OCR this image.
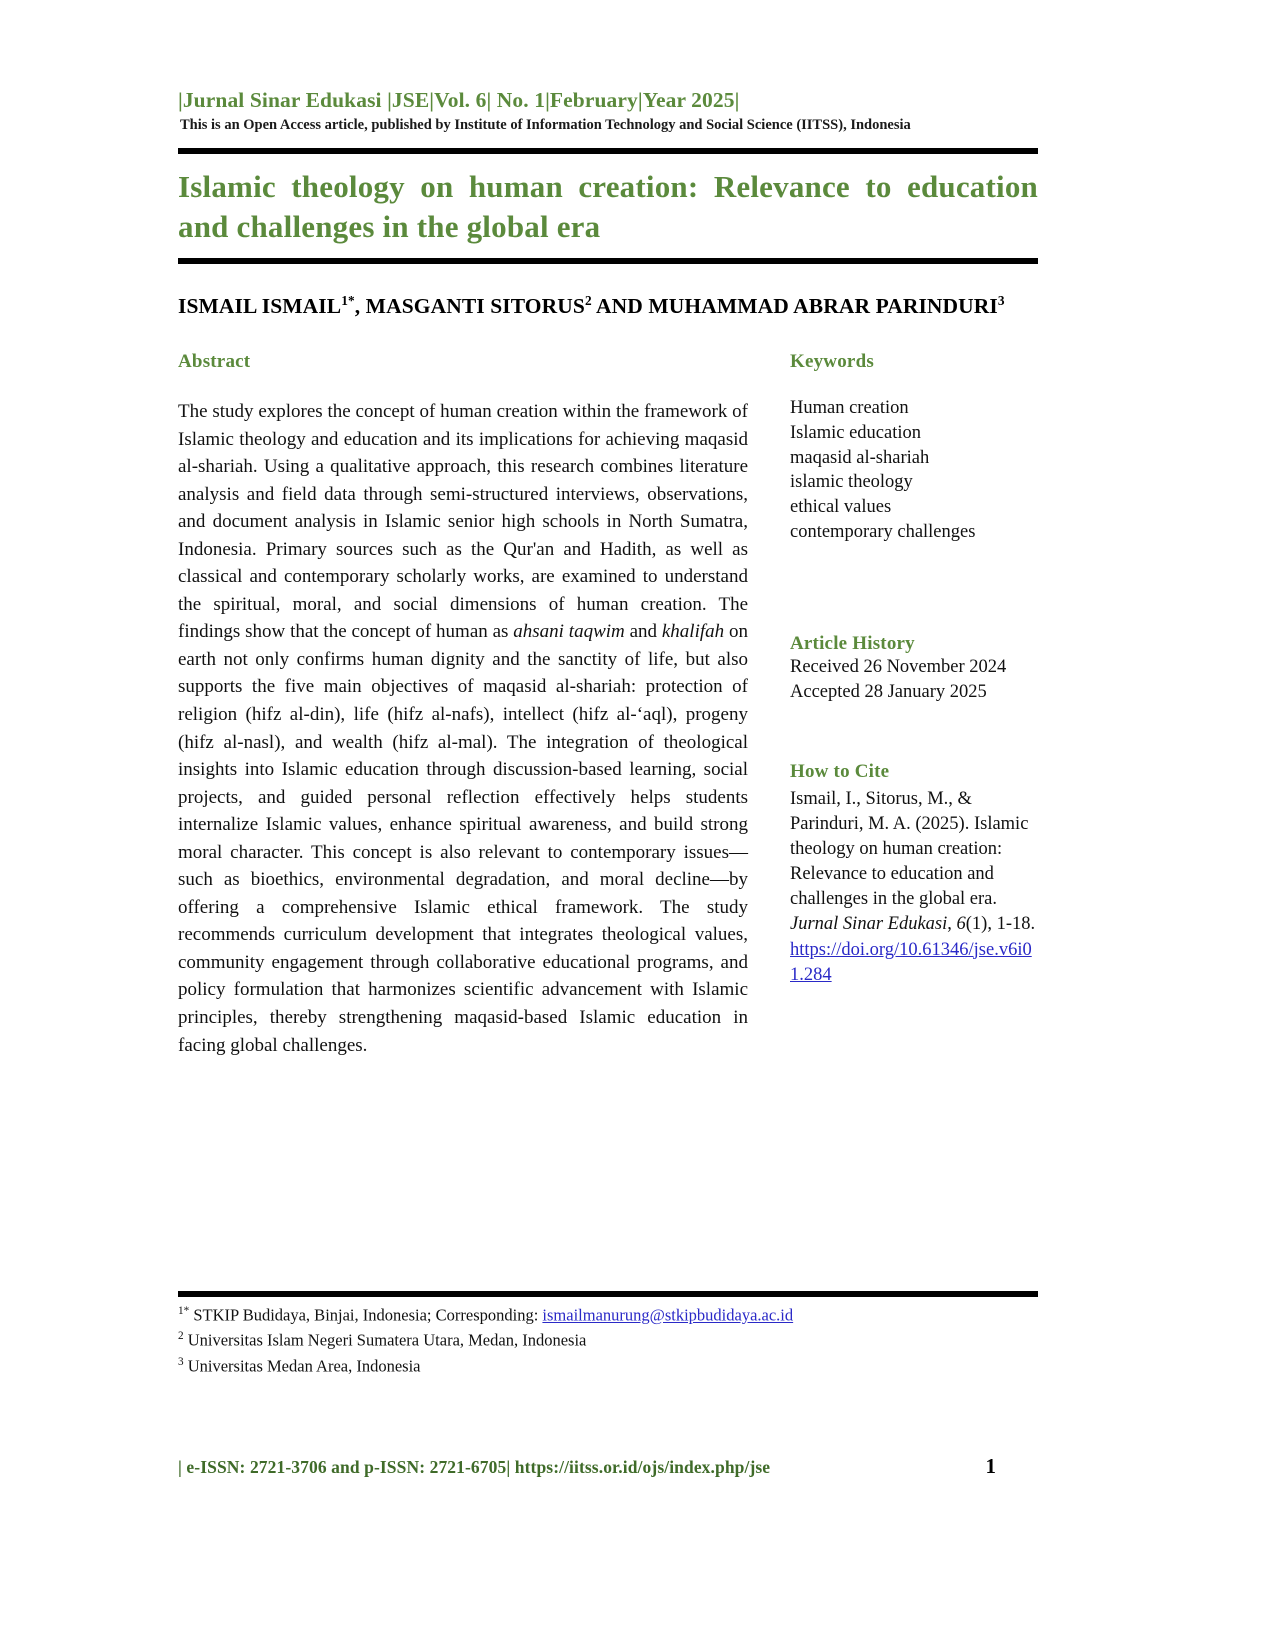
|Jurnal Sinar Edukasi |JSE|Vol. 6| No. 1|February|Year 2025|
This is an Open Access article, published by Institute of Information Technology and Social Science (IITSS), Indonesia
Islamic theology on human creation: Relevance to education and challenges in the global era
ISMAIL $ISMAIL^{1*}$, MASGANTI SITORUS$^2$ AND MUHAMMAD ABRAR PARINDURI$^3$
Abstract
The study explores the concept of human creation within the framework of Islamic theology and education and its implications for achieving maqasid al-shariah. Using a qualitative approach, this research combines literature analysis and field data through semi-structured interviews, observations, and document analysis in Islamic senior high schools in North Sumatra, Indonesia. Primary sources such as the Qur'an and Hadith, as well as classical and contemporary scholarly works, are examined to understand the spiritual, moral, and social dimensions of human creation. The findings show that the concept of human as ahsani taqwim and khalifah on earth not only confirms human dignity and the sanctity of life, but also supports the five main objectives of maqasid al-shariah: protection of religion (hifz al-din), life (hifz al-nafs), intellect (hifz al-‘aql), progeny (hifz al-nasl), and wealth (hifz al-mal). The integration of theological insights into Islamic education through discussion-based learning, social projects, and guided personal reflection effectively helps students internalize Islamic values, enhance spiritual awareness, and build strong moral character. This concept is also relevant to contemporary issues—such as bioethics, environmental degradation, and moral decline—by offering a comprehensive Islamic ethical framework. The study recommends curriculum development that integrates theological values, community engagement through collaborative educational programs, and policy formulation that harmonizes scientific advancement with Islamic principles, thereby strengthening maqasid-based Islamic education in facing global challenges.
Keywords
Human creation
Islamic education
maqasid al-shariah
islamic theology
ethical values
contemporary challenges
Article History
Received 26 November 2024
Accepted 28 January 2025
How to Cite
Ismail, I., Sitorus, M., & Parinduri, M. A. (2025). Islamic theology on human creation: Relevance to education and challenges in the global era. Jurnal Sinar Edukasi, 6(1), 1-18. https://doi.org/10.61346/jse.v6i01.284
$^{1*}$ STKIP Budidaya, Binjai, Indonesia; Corresponding: ismailmanurung@stkipbudidaya.ac.id
$^2$ Universitas Islam Negeri Sumatera Utara, Medan, Indonesia
$^3$ Universitas Medan Area, Indonesia
| e-ISSN: 2721-3706 and p-ISSN: 2721-6705| https://iitss.or.id/ojs/index.php/jse	1
